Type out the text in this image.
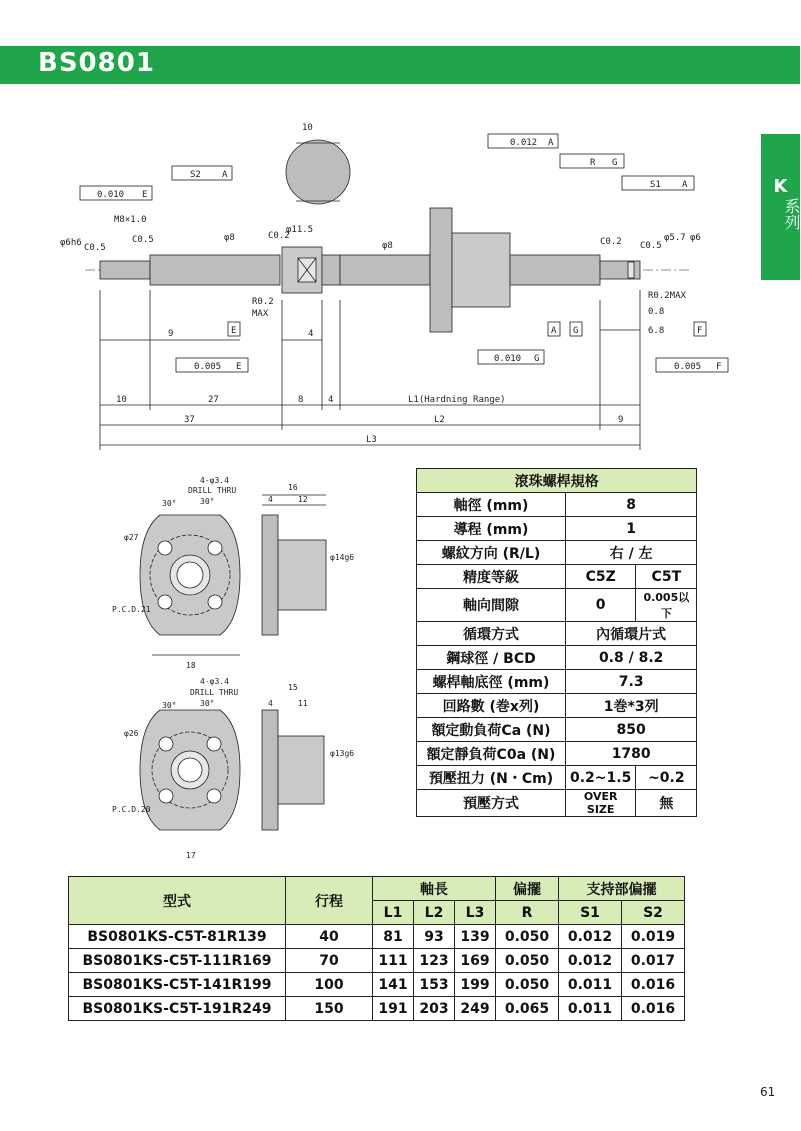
BS0801
K
系列
10
0.010 E
S2 A
M8×1.0
C0.5
C0.5	C0.2
φ6h6	φ8
φ11.5
φ8
R0.2
MAX
9	E	4
0.005 E
0.012 A
R G
S1 A
C0.2 C0.5
φ5.7 φ6
R0.2MAX
0.8
6.8
A G	F
0.010 G
0.005 F
10	27	8	4	L1(Hardning Range)
37	L2	9
L3
4-φ3.4
DRILL THRU
30°	30°
φ27
P.C.D.21
18
16
4	12
φ14g6
4-φ3.4
DRILL THRU
30°	30°
φ26
P.C.D.20
17
15
4	11
φ13g6
滾珠螺桿規格		
軸徑 (mm)	8	
導程 (mm)	1	
螺紋方向 (R/L)	右 / 左	
精度等級	C5Z	C5T
軸向間隙	0	0.005以下
循環方式	內循環片式	
鋼球徑 / BCD	0.8 / 8.2	
螺桿軸底徑 (mm)	7.3	
回路數 (巻x列)	1巻*3列	
額定動負荷Ca (N)	850	
額定靜負荷C0a (N)	1780	
預壓扭力 (N・Cm)	0.2~1.5	~0.2
預壓方式	OVER SIZE	無
型式	行程	軸長			偏擺	支持部偏擺	
		L1	L2	L3	R	S1	S2
BS0801KS-C5T-81R139	40	81	93	139	0.050	0.012	0.019
BS0801KS-C5T-111R169	70	111	123	169	0.050	0.012	0.017
BS0801KS-C5T-141R199	100	141	153	199	0.050	0.011	0.016
BS0801KS-C5T-191R249	150	191	203	249	0.065	0.011	0.016
61
